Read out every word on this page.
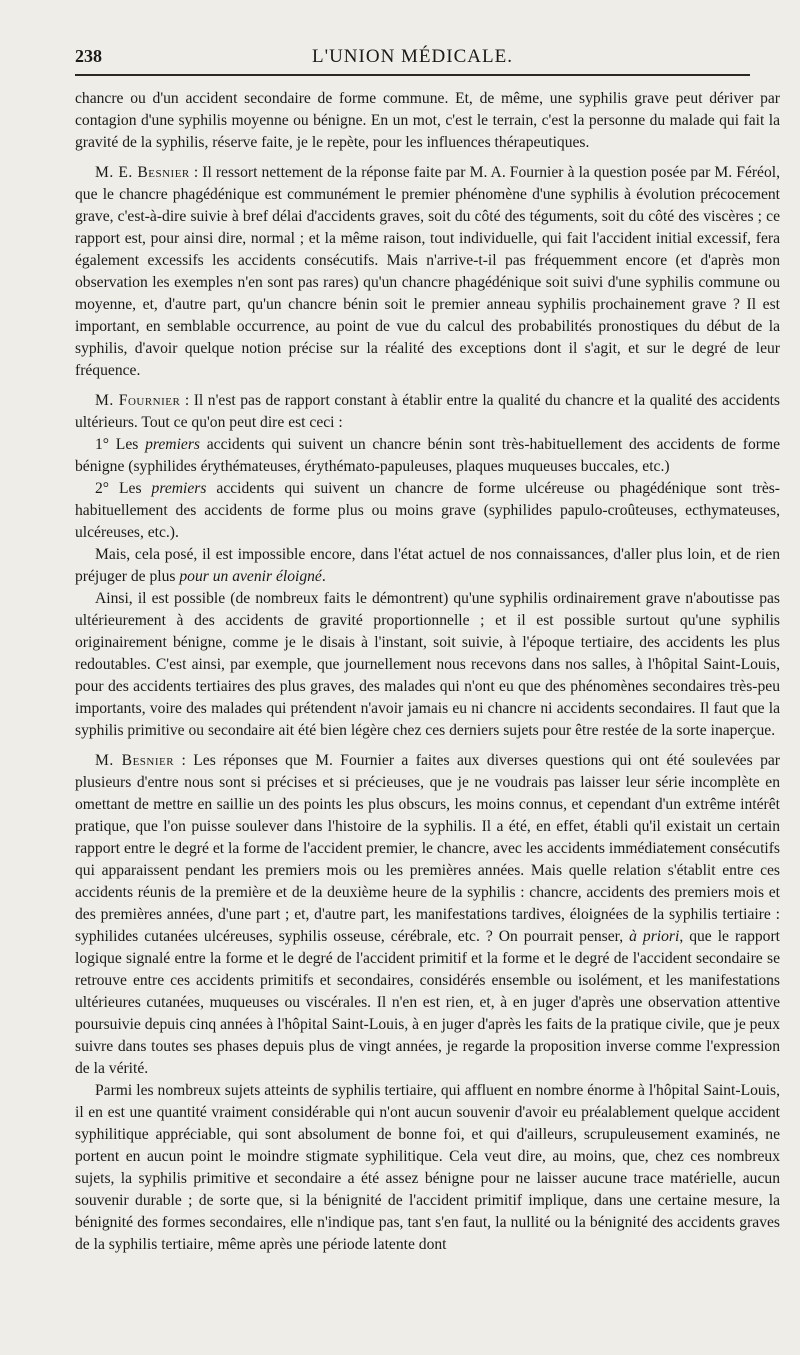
238	L'UNION MÉDICALE.

chancre ou d'un accident secondaire de forme commune. Et, de même, une syphilis grave peut dériver par contagion d'une syphilis moyenne ou bénigne. En un mot, c'est le terrain, c'est la personne du malade qui fait la gravité de la syphilis, réserve faite, je le repète, pour les influences thérapeutiques.

M. E. Besnier : Il ressort nettement de la réponse faite par M. A. Fournier à la question posée par M. Féréol, que le chancre phagédénique est communément le premier phénomène d'une syphilis à évolution précocement grave, c'est-à-dire suivie à bref délai d'accidents graves, soit du côté des téguments, soit du côté des viscères ; ce rapport est, pour ainsi dire, normal ; et la même raison, tout individuelle, qui fait l'accident initial excessif, fera également excessifs les accidents consécutifs. Mais n'arrive-t-il pas fréquemment encore (et d'après mon observation les exemples n'en sont pas rares) qu'un chancre phagédénique soit suivi d'une syphilis commune ou moyenne, et, d'autre part, qu'un chancre bénin soit le premier anneau syphilis prochainement grave ? Il est important, en semblable occurrence, au point de vue du calcul des probabilités pronostiques du début de la syphilis, d'avoir quelque notion précise sur la réalité des exceptions dont il s'agit, et sur le degré de leur fréquence.

M. Fournier : Il n'est pas de rapport constant à établir entre la qualité du chancre et la qualité des accidents ultérieurs. Tout ce qu'on peut dire est ceci :

1° Les premiers accidents qui suivent un chancre bénin sont très-habituellement des accidents de forme bénigne (syphilides érythémateuses, érythémato-papuleuses, plaques muqueuses buccales, etc.)

2° Les premiers accidents qui suivent un chancre de forme ulcéreuse ou phagédénique sont très-habituellement des accidents de forme plus ou moins grave (syphilides papulo-croûteuses, ecthymateuses, ulcéreuses, etc.).

Mais, cela posé, il est impossible encore, dans l'état actuel de nos connaissances, d'aller plus loin, et de rien préjuger de plus pour un avenir éloigné.

Ainsi, il est possible (de nombreux faits le démontrent) qu'une syphilis ordinairement grave n'aboutisse pas ultérieurement à des accidents de gravité proportionnelle ; et il est possible surtout qu'une syphilis originairement bénigne, comme je le disais à l'instant, soit suivie, à l'époque tertiaire, des accidents les plus redoutables. C'est ainsi, par exemple, que journellement nous recevons dans nos salles, à l'hôpital Saint-Louis, pour des accidents tertiaires des plus graves, des malades qui n'ont eu que des phénomènes secondaires très-peu importants, voire des malades qui prétendent n'avoir jamais eu ni chancre ni accidents secondaires. Il faut que la syphilis primitive ou secondaire ait été bien légère chez ces derniers sujets pour être restée de la sorte inaperçue.

M. Besnier : Les réponses que M. Fournier a faites aux diverses questions qui ont été soulevées par plusieurs d'entre nous sont si précises et si précieuses, que je ne voudrais pas laisser leur série incomplète en omettant de mettre en saillie un des points les plus obscurs, les moins connus, et cependant d'un extrême intérêt pratique, que l'on puisse soulever dans l'histoire de la syphilis. Il a été, en effet, établi qu'il existait un certain rapport entre le degré et la forme de l'accident premier, le chancre, avec les accidents immédiatement consécutifs qui apparaissent pendant les premiers mois ou les premières années. Mais quelle relation s'établit entre ces accidents réunis de la première et de la deuxième heure de la syphilis : chancre, accidents des premiers mois et des premières années, d'une part ; et, d'autre part, les manifestations tardives, éloignées de la syphilis tertiaire : syphilides cutanées ulcéreuses, syphilis osseuse, cérébrale, etc. ? On pourrait penser, à priori, que le rapport logique signalé entre la forme et le degré de l'accident primitif et la forme et le degré de l'accident secondaire se retrouve entre ces accidents primitifs et secondaires, considérés ensemble ou isolément, et les manifestations ultérieures cutanées, muqueuses ou viscérales. Il n'en est rien, et, à en juger d'après une observation attentive poursuivie depuis cinq années à l'hôpital Saint-Louis, à en juger d'après les faits de la pratique civile, que je peux suivre dans toutes ses phases depuis plus de vingt années, je regarde la proposition inverse comme l'expression de la vérité.

Parmi les nombreux sujets atteints de syphilis tertiaire, qui affluent en nombre énorme à l'hôpital Saint-Louis, il en est une quantité vraiment considérable qui n'ont aucun souvenir d'avoir eu préalablement quelque accident syphilitique appréciable, qui sont absolument de bonne foi, et qui d'ailleurs, scrupuleusement examinés, ne portent en aucun point le moindre stigmate syphilitique. Cela veut dire, au moins, que, chez ces nombreux sujets, la syphilis primitive et secondaire a été assez bénigne pour ne laisser aucune trace matérielle, aucun souvenir durable ; de sorte que, si la bénignité de l'accident primitif implique, dans une certaine mesure, la bénignité des formes secondaires, elle n'indique pas, tant s'en faut, la nullité ou la bénignité des accidents graves de la syphilis tertiaire, même après une période latente dont
